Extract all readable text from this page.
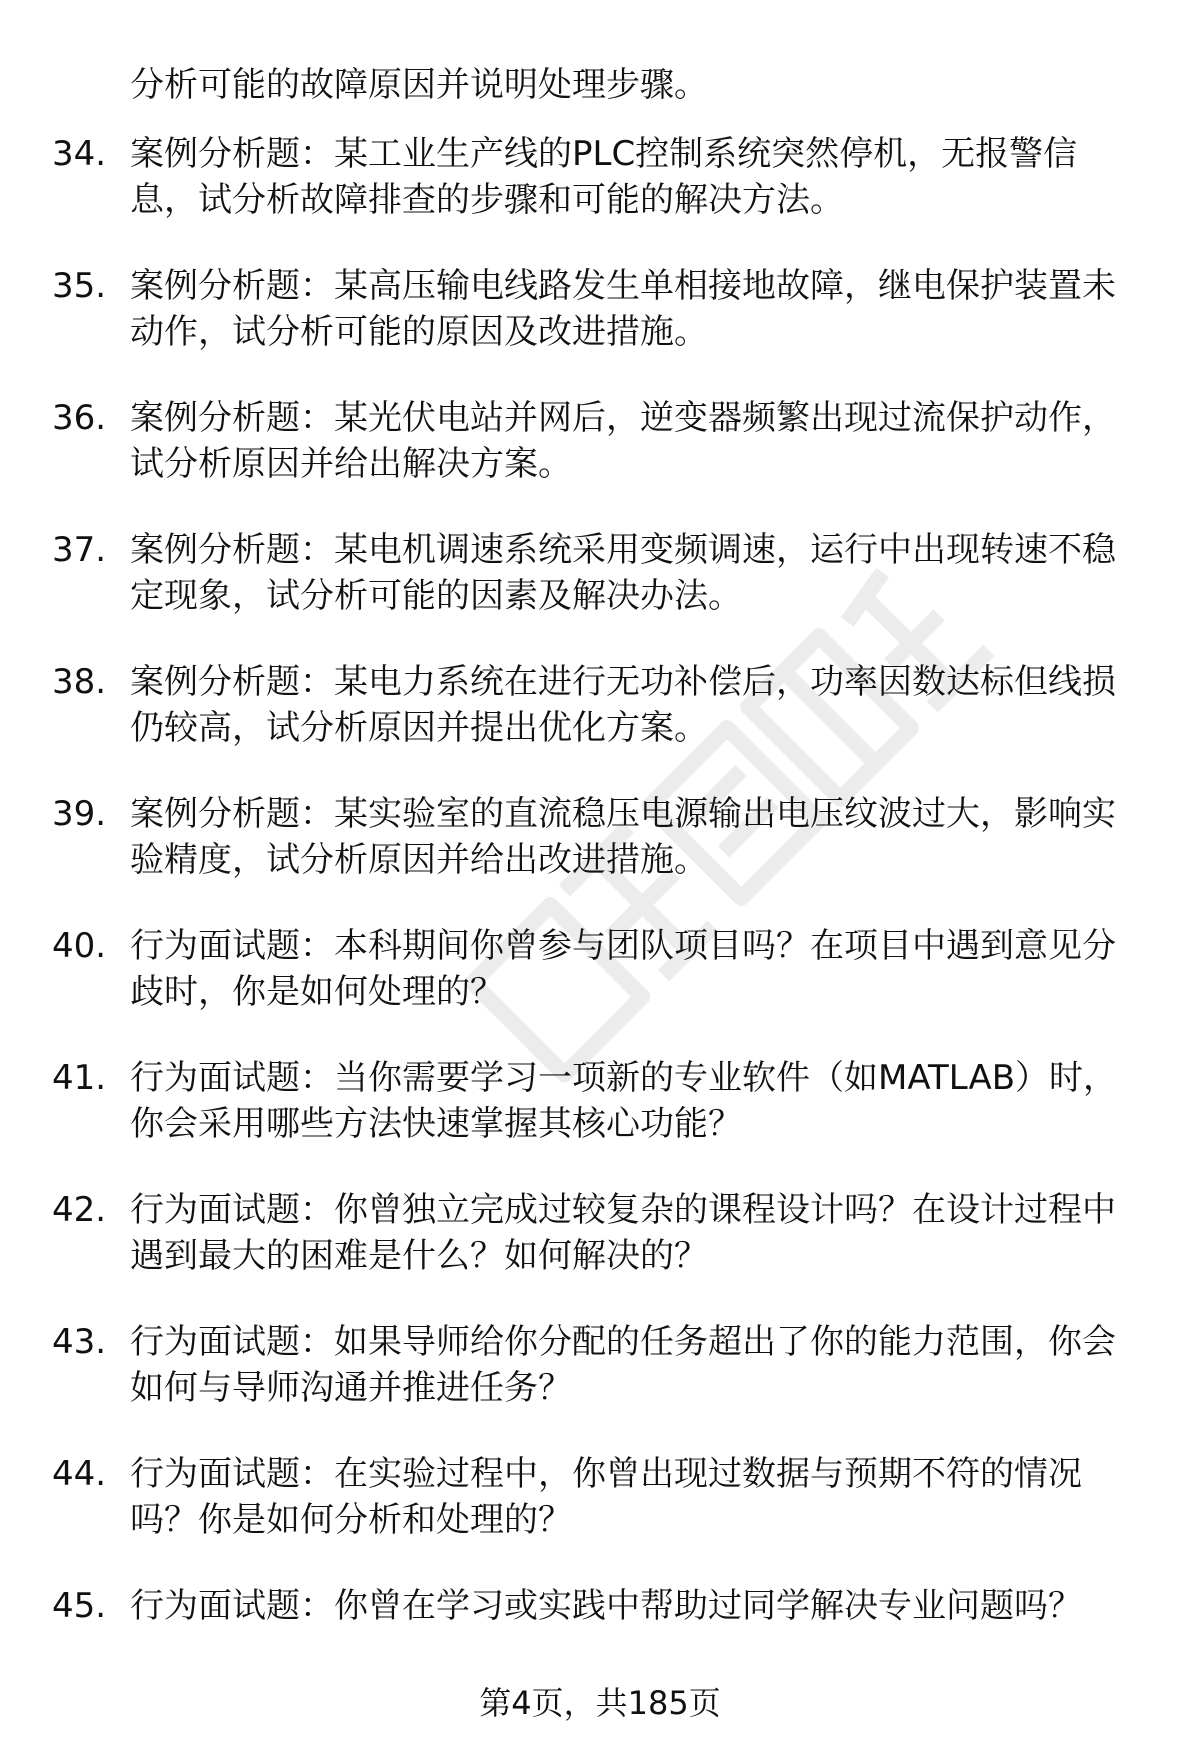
分析可能的故障原因并说明处理步骤。

34. 案例分析题：某工业生产线的PLC控制系统突然停机，无报警信息，试分析故障排查的步骤和可能的解决方法。

35. 案例分析题：某高压输电线路发生单相接地故障，继电保护装置未动作，试分析可能的原因及改进措施。

36. 案例分析题：某光伏电站并网后，逆变器频繁出现过流保护动作，试分析原因并给出解决方案。

37. 案例分析题：某电机调速系统采用变频调速，运行中出现转速不稳定现象，试分析可能的因素及解决办法。

38. 案例分析题：某电力系统在进行无功补偿后，功率因数达标但线损仍较高，试分析原因并提出优化方案。

39. 案例分析题：某实验室的直流稳压电源输出电压纹波过大，影响实验精度，试分析原因并给出改进措施。

40. 行为面试题：本科期间你曾参与团队项目吗？在项目中遇到意见分歧时，你是如何处理的？

41. 行为面试题：当你需要学习一项新的专业软件（如MATLAB）时，你会采用哪些方法快速掌握其核心功能？

42. 行为面试题：你曾独立完成过较复杂的课程设计吗？在设计过程中遇到最大的困难是什么？如何解决的？

43. 行为面试题：如果导师给你分配的任务超出了你的能力范围，你会如何与导师沟通并推进任务？

44. 行为面试题：在实验过程中，你曾出现过数据与预期不符的情况吗？你是如何分析和处理的？

45. 行为面试题：你曾在学习或实践中帮助过同学解决专业问题吗？

第4页，共185页
